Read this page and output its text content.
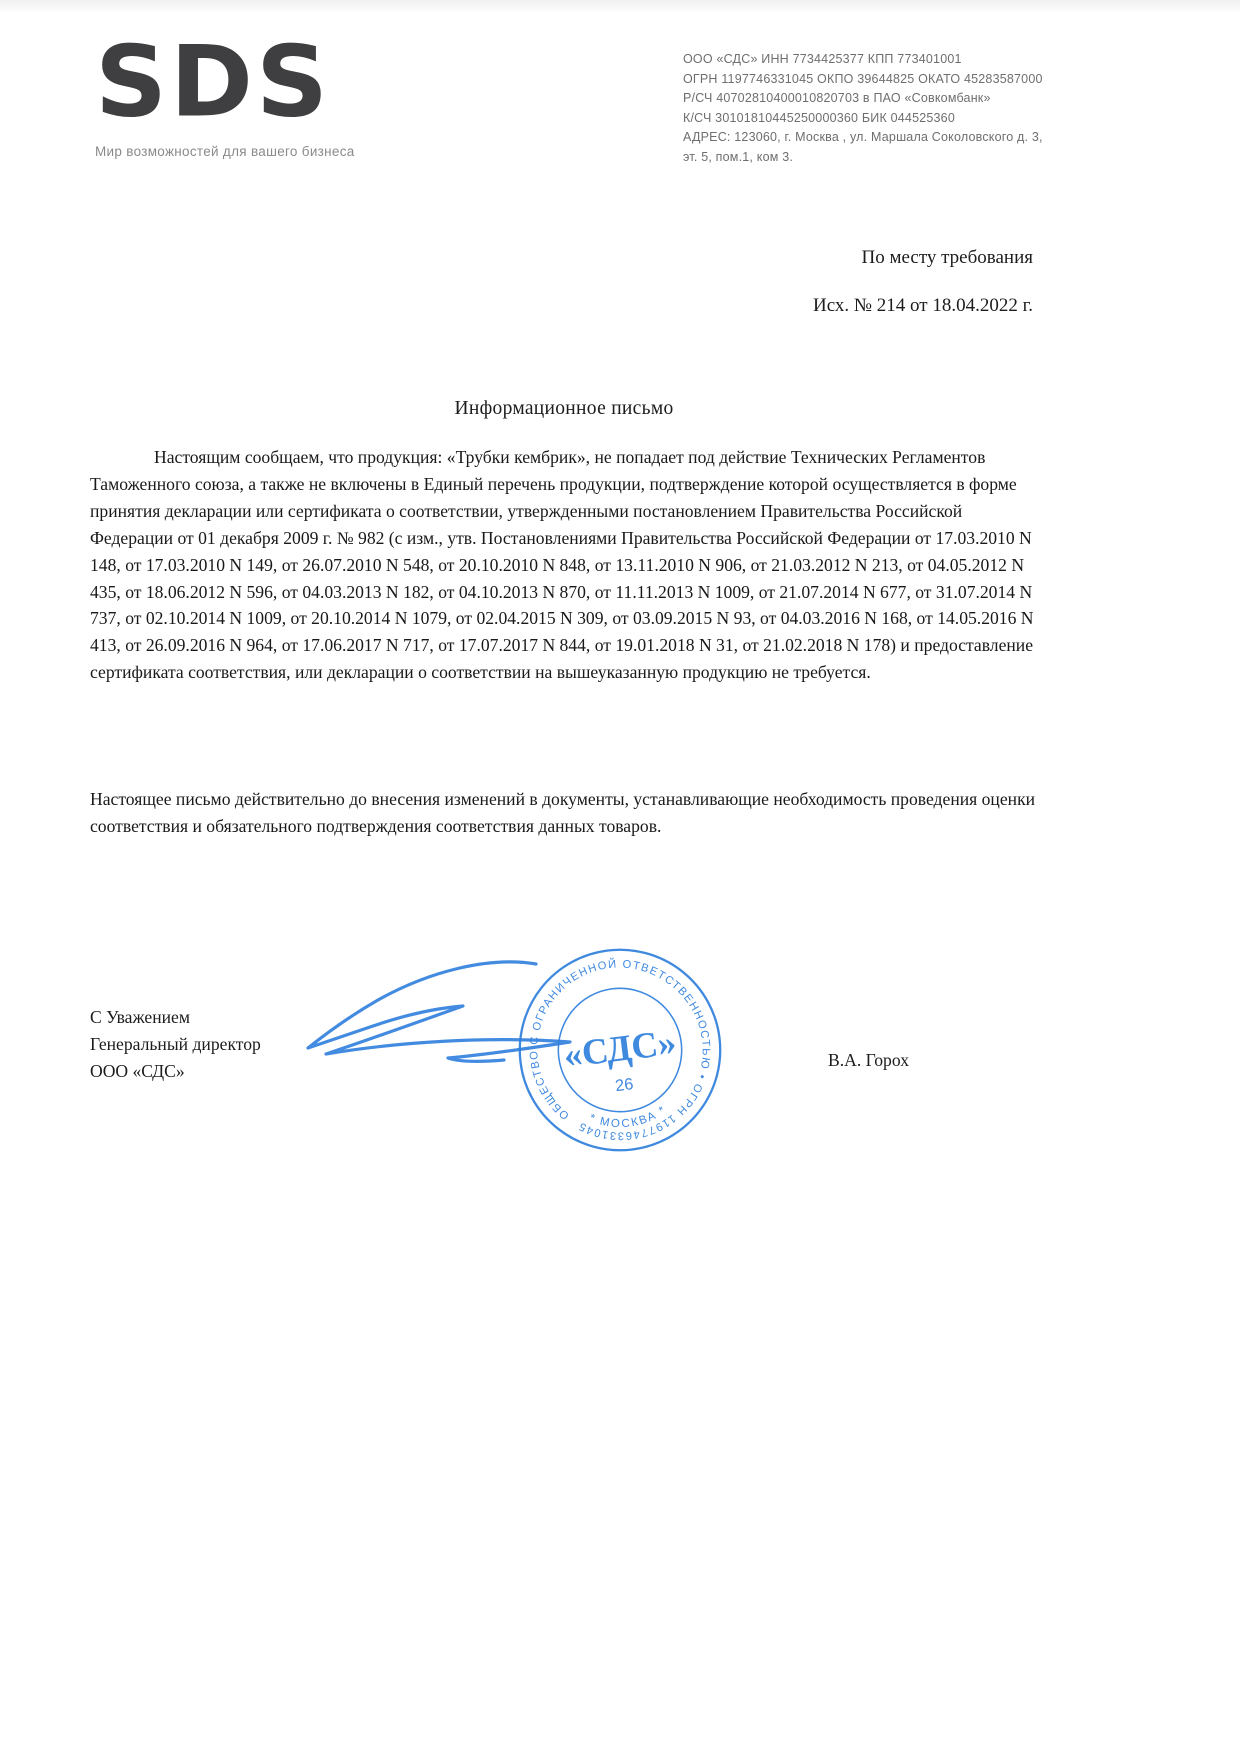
SDS
Мир возможностей для вашего бизнеса
ООО «СДС» ИНН 7734425377 КПП 773401001
ОГРН 1197746331045 ОКПО 39644825 ОКАТО 45283587000
Р/СЧ 40702810400010820703 в ПАО «Совкомбанк»
К/СЧ 30101810445250000360 БИК 044525360
АДРЕС: 123060, г. Москва , ул. Маршала Соколовского д. 3,
эт. 5, пом.1, ком 3.
По месту требования
Исх. № 214 от 18.04.2022 г.
Информационное письмо

Настоящим сообщаем, что продукция: «Трубки кембрик», не попадает под действие Технических Регламентов Таможенного союза, а также не включены в Единый перечень продукции, подтверждение которой осуществляется в форме принятия декларации или сертификата о соответствии, утвержденными постановлением Правительства Российской Федерации от 01 декабря 2009 г. № 982 (с изм., утв. Постановлениями Правительства Российской Федерации от 17.03.2010 N 148, от 17.03.2010 N 149, от 26.07.2010 N 548, от 20.10.2010 N 848, от 13.11.2010 N 906, от 21.03.2012 N 213, от 04.05.2012 N 435, от 18.06.2012 N 596, от 04.03.2013 N 182, от 04.10.2013 N 870, от 11.11.2013 N 1009, от 21.07.2014 N 677, от 31.07.2014 N 737, от 02.10.2014 N 1009, от 20.10.2014 N 1079, от 02.04.2015 N 309, от 03.09.2015 N 93, от 04.03.2016 N 168, от 14.05.2016 N 413, от 26.09.2016 N 964, от 17.06.2017 N 717, от 17.07.2017 N 844, от 19.01.2018 N 31, от 21.02.2018 N 178) и предоставление сертификата соответствия, или декларации о соответствии на вышеуказанную продукцию не требуется.

Настоящее письмо действительно до внесения изменений в документы, устанавливающие необходимость проведения оценки соответствия и обязательного подтверждения соответствия данных товаров.

С Уважением
Генеральный директор
ООО «СДС»
В.А. Горох
ОБЩЕСТВО С ОГРАНИЧЕННОЙ ОТВЕТСТВЕННОСТЬЮ • ОГРН 1197746331045
* МОСКВА *
«СДС»
26
